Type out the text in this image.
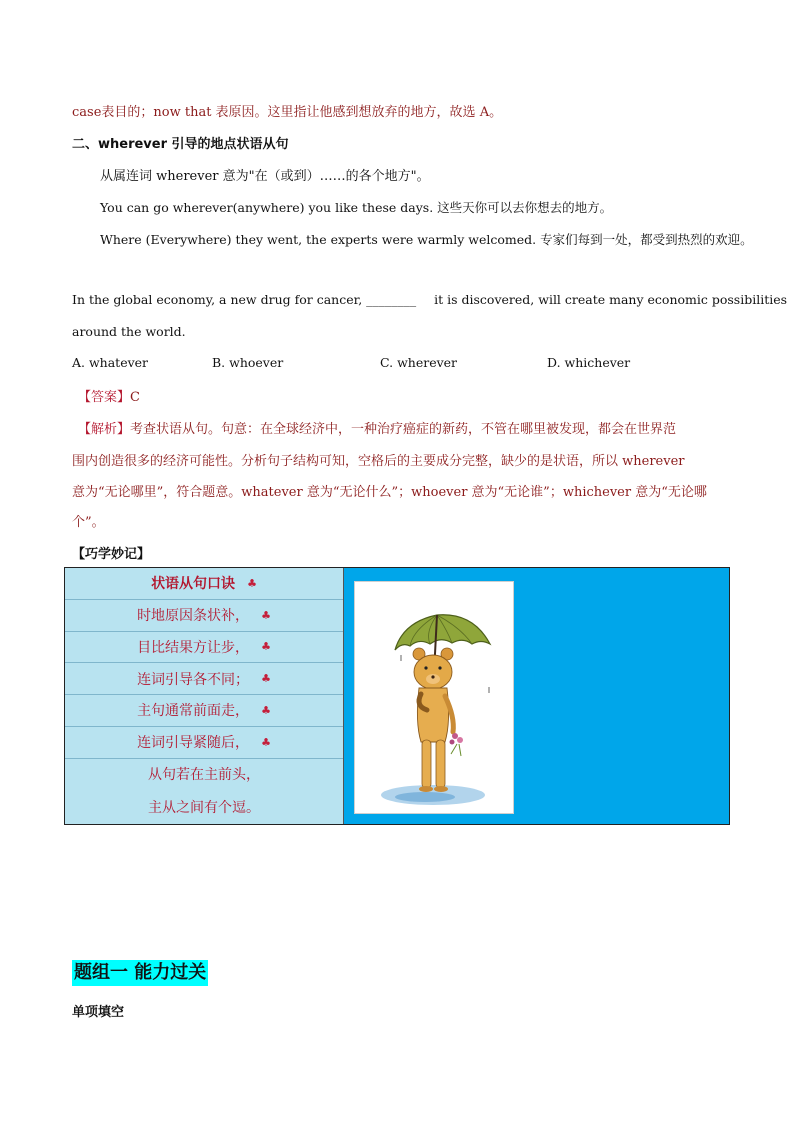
case表目的；now that 表原因。这里指让他感到想放弃的地方，故选 A。
二、wherever 引导的地点状语从句
从属连词 wherever 意为"在（或到）……的各个地方"。
You can go wherever(anywhere) you like these days. 这些天你可以去你想去的地方。
Where (Everywhere) they went, the experts were warmly welcomed. 专家们每到一处，都受到热烈的欢迎。
In the global economy, a new drug for cancer, ________ it is discovered, will create many economic possibilities
around the world.
A. whatever	B. whoever	C. wherever	D. whichever
【答案】C
【解析】考查状语从句。句意：在全球经济中，一种治疗癌症的新药，不管在哪里被发现，都会在世界范
围内创造很多的经济可能性。分析句子结构可知，空格后的主要成分完整，缺少的是状语，所以 wherever
意为“无论哪里”，符合题意。whatever 意为“无论什么”；whoever 意为“无论谁”；whichever 意为“无论哪
个”。
【巧学妙记】
状语从句口诀 ♣
时地原因条状补， ♣
目比结果方让步， ♣
连词引导各不同； ♣
主句通常前面走， ♣
连词引导紧随后， ♣
从句若在主前头，
主从之间有个逗。
题组一 能力过关
单项填空
